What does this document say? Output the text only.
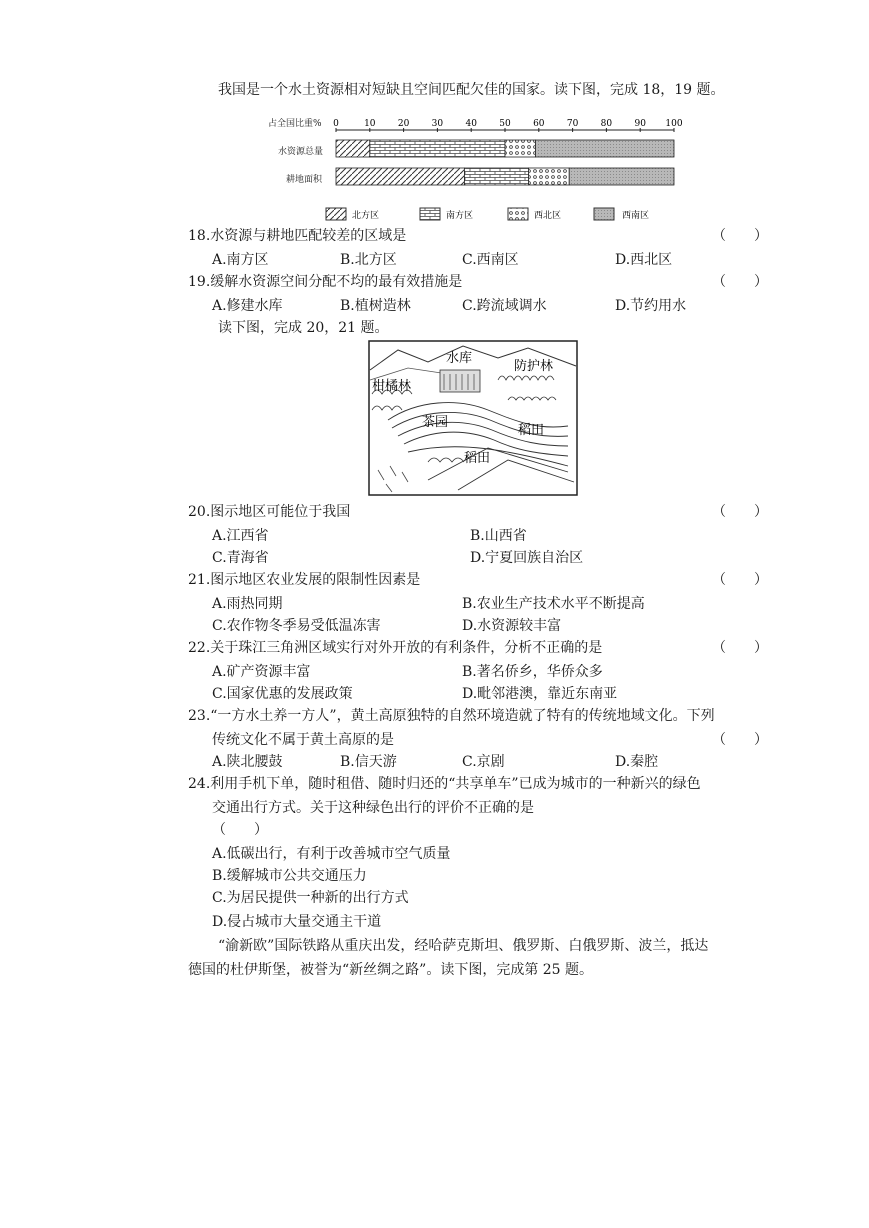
我国是一个水土资源相对短缺且空间匹配欠佳的国家。读下图，完成 18，19 题。
占全国比重% 0	10 20 30 40 50 60 70 80 90 100
水资源总量
耕地面积
北方区	南方区	西北区	西南区
18.水资源与耕地匹配较差的区域是	（　　）
A.南方区	B.北方区	C.西南区	D.西北区
19.缓解水资源空间分配不均的最有效措施是	（　　）
A.修建水库	B.植树造林	C.跨流域调水	D.节约用水
读下图，完成 20，21 题。
水库
防护林
柑橘林
茶园
稻田
稻田
20.图示地区可能位于我国	（　　）
A.江西省	B.山西省
C.青海省	D.宁夏回族自治区
21.图示地区农业发展的限制性因素是	（　　）
A.雨热同期	B.农业生产技术水平不断提高
C.农作物冬季易受低温冻害	D.水资源较丰富
22.关于珠江三角洲区域实行对外开放的有利条件，分析不正确的是	（　　）
A.矿产资源丰富	B.著名侨乡，华侨众多
C.国家优惠的发展政策	D.毗邻港澳，靠近东南亚
23.“一方水土养一方人”，黄土高原独特的自然环境造就了特有的传统地域文化。下列
传统文化不属于黄土高原的是	（　　）
A.陕北腰鼓	B.信天游	C.京剧	D.秦腔
24.利用手机下单，随时租借、随时归还的“共享单车”已成为城市的一种新兴的绿色
交通出行方式。关于这种绿色出行的评价不正确的是
（　　）
A.低碳出行，有利于改善城市空气质量
B.缓解城市公共交通压力
C.为居民提供一种新的出行方式
D.侵占城市大量交通主干道
“渝新欧”国际铁路从重庆出发，经哈萨克斯坦、俄罗斯、白俄罗斯、波兰，抵达
德国的杜伊斯堡，被誉为“新丝绸之路”。读下图，完成第 25 题。
